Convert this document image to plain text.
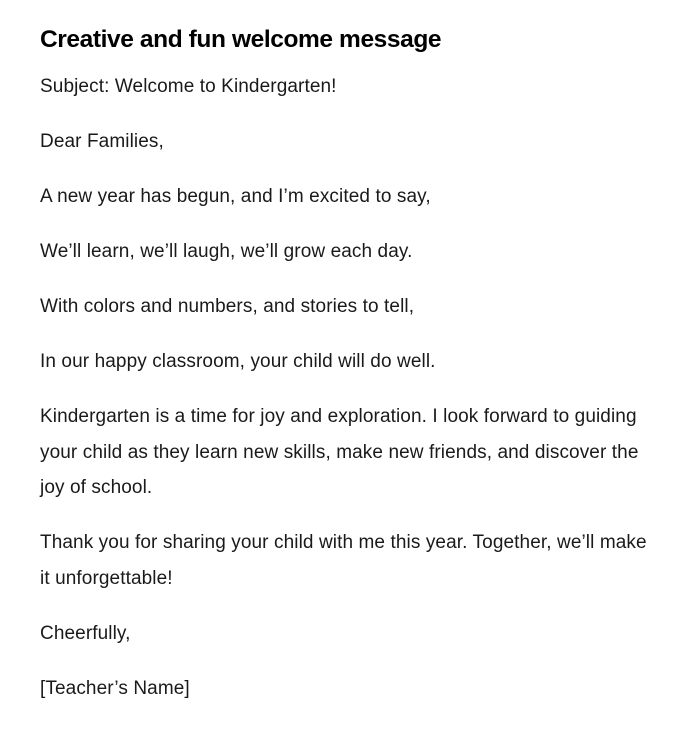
Creative and fun welcome message

Subject: Welcome to Kindergarten!

Dear Families,

A new year has begun, and I’m excited to say,

We’ll learn, we’ll laugh, we’ll grow each day.

With colors and numbers, and stories to tell,

In our happy classroom, your child will do well.

Kindergarten is a time for joy and exploration. I look forward to guiding your child as they learn new skills, make new friends, and discover the joy of school.

Thank you for sharing your child with me this year. Together, we’ll make it unforgettable!

Cheerfully,

[Teacher’s Name]
